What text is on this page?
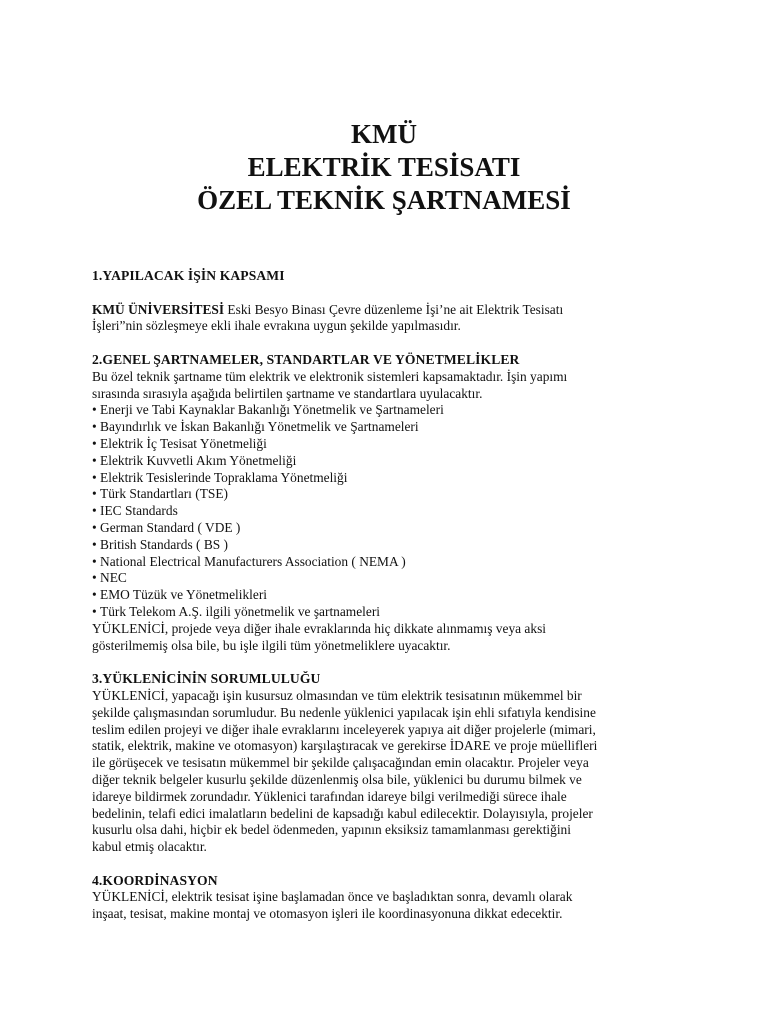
KMÜ
ELEKTRİK TESİSATI
ÖZEL TEKNİK ŞARTNAMESİ
1.YAPILACAK İŞİN KAPSAMI

KMÜ ÜNİVERSİTESİ Eski Besyo Binası Çevre düzenleme İşi’ne ait Elektrik Tesisatı
İşleri”nin sözleşmeye ekli ihale evrakına uygun şekilde yapılmasıdır.

2.GENEL ŞARTNAMELER, STANDARTLAR VE YÖNETMELİKLER

Bu özel teknik şartname tüm elektrik ve elektronik sistemleri kapsamaktadır. İşin yapımı
sırasında sırasıyla aşağıda belirtilen şartname ve standartlara uyulacaktır.

• Enerji ve Tabi Kaynaklar Bakanlığı Yönetmelik ve Şartnameleri
• Bayındırlık ve İskan Bakanlığı Yönetmelik ve Şartnameleri
• Elektrik İç Tesisat Yönetmeliği
• Elektrik Kuvvetli Akım Yönetmeliği
• Elektrik Tesislerinde Topraklama Yönetmeliği
• Türk Standartları (TSE)
• IEC Standards
• German Standard ( VDE )
• British Standards ( BS )
• National Electrical Manufacturers Association ( NEMA )
• NEC
• EMO Tüzük ve Yönetmelikleri
• Türk Telekom A.Ş. ilgili yönetmelik ve şartnameleri

YÜKLENİCİ, projede veya diğer ihale evraklarında hiç dikkate alınmamış veya aksi
gösterilmemiş olsa bile, bu işle ilgili tüm yönetmeliklere uyacaktır.

3.YÜKLENİCİNİN SORUMLULUĞU

YÜKLENİCİ, yapacağı işin kusursuz olmasından ve tüm elektrik tesisatının mükemmel bir
şekilde çalışmasından sorumludur. Bu nedenle yüklenici yapılacak işin ehli sıfatıyla kendisine
teslim edilen projeyi ve diğer ihale evraklarını inceleyerek yapıya ait diğer projelerle (mimari,
statik, elektrik, makine ve otomasyon) karşılaştıracak ve gerekirse İDARE ve proje müellifleri
ile görüşecek ve tesisatın mükemmel bir şekilde çalışacağından emin olacaktır. Projeler veya
diğer teknik belgeler kusurlu şekilde düzenlenmiş olsa bile, yüklenici bu durumu bilmek ve
idareye bildirmek zorundadır. Yüklenici tarafından idareye bilgi verilmediği sürece ihale
bedelinin, telafi edici imalatların bedelini de kapsadığı kabul edilecektir. Dolayısıyla, projeler
kusurlu olsa dahi, hiçbir ek bedel ödenmeden, yapının eksiksiz tamamlanması gerektiğini
kabul etmiş olacaktır.

4.KOORDİNASYON

YÜKLENİCİ, elektrik tesisat işine başlamadan önce ve başladıktan sonra, devamlı olarak
inşaat, tesisat, makine montaj ve otomasyon işleri ile koordinasyonuna dikkat edecektir.
